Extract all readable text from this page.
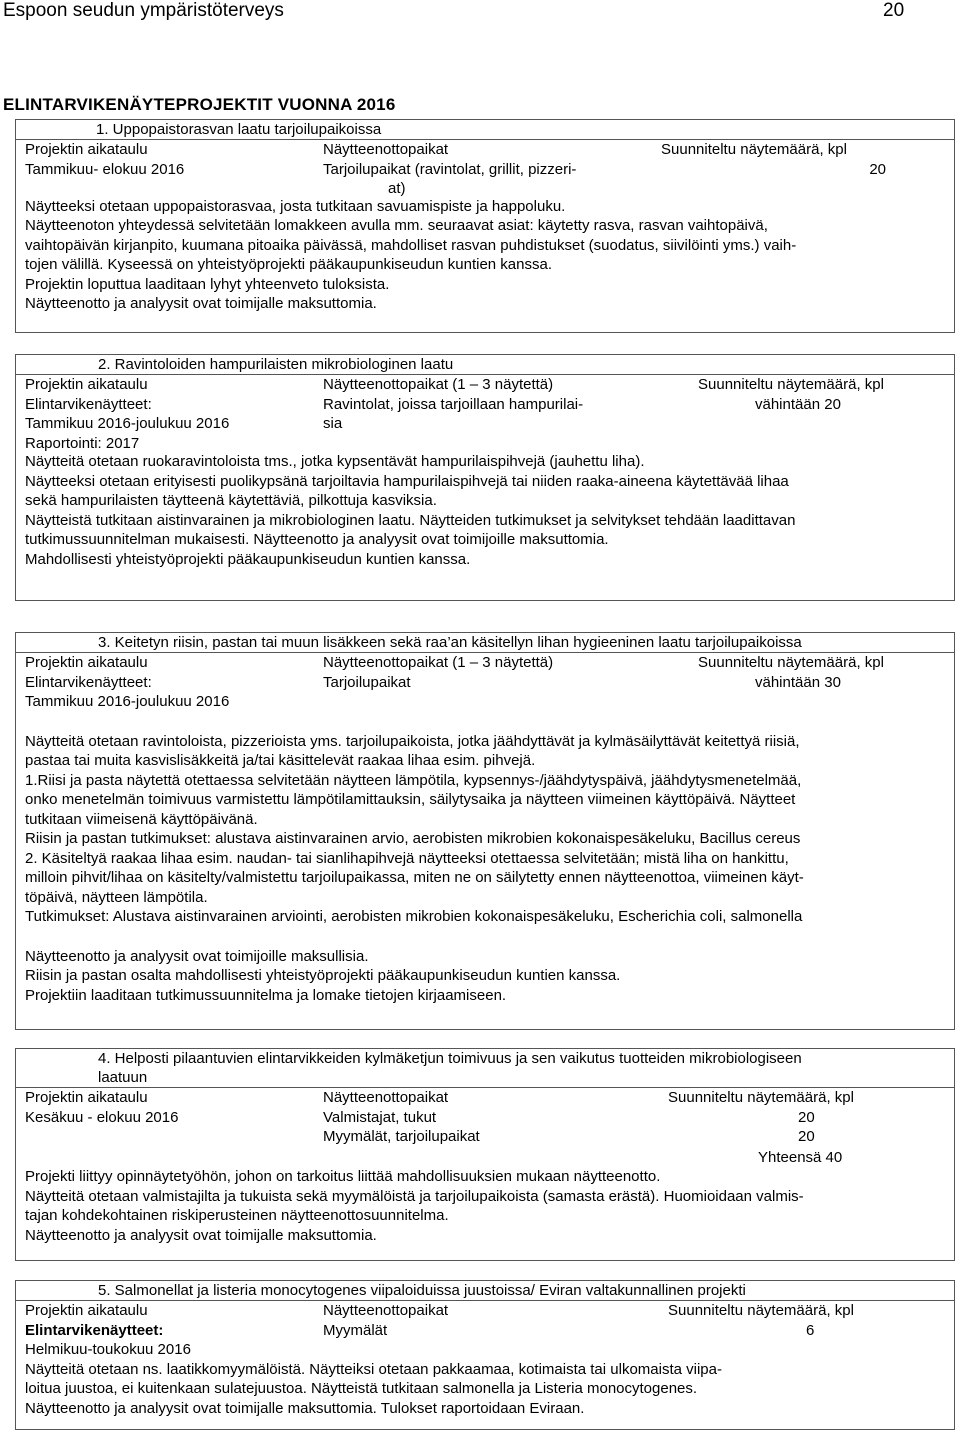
Espoon seudun ympäristöterveys	20
ELINTARVIKENÄYTEPROJEKTIT VUONNA 2016
1. Uppopaistorasvan laatu tarjoilupaikoissa
Projektin aikataulu	Näytteenottopaikat	Suunniteltu näytemäärä, kpl
Tammikuu- elokuu 2016	Tarjoilupaikat (ravintolat, grillit, pizzeri-	20
at)

Näytteeksi otetaan uppopaistorasvaa, josta tutkitaan savuamispiste ja happoluku.

Näytteenoton yhteydessä selvitetään lomakkeen avulla mm. seuraavat asiat: käytetty rasva, rasvan vaihtopäivä,

vaihtopäivän kirjanpito, kuumana pitoaika päivässä, mahdolliset rasvan puhdistukset (suodatus, siivilöinti yms.) vaih-

tojen välillä. Kyseessä on yhteistyöprojekti pääkaupunkiseudun kuntien kanssa.

Projektin loputtua laaditaan lyhyt yhteenveto tuloksista.

Näytteenotto ja analyysit ovat toimijalle maksuttomia.

2. Ravintoloiden hampurilaisten mikrobiologinen laatu
Projektin aikataulu	Näytteenottopaikat (1 – 3 näytettä)	Suunniteltu näytemäärä, kpl
Elintarvikenäytteet:	Ravintolat, joissa tarjoillaan hampurilai-	vähintään 20
Tammikuu 2016-joulukuu 2016	sia
Raportointi: 2017

Näytteitä otetaan ruokaravintoloista tms., jotka kypsentävät hampurilaispihvejä (jauhettu liha).

Näytteeksi otetaan erityisesti puolikypsänä tarjoiltavia hampurilaispihvejä tai niiden raaka-aineena käytettävää lihaa

sekä hampurilaisten täytteenä käytettäviä, pilkottuja kasviksia.

Näytteistä tutkitaan aistinvarainen ja mikrobiologinen laatu. Näytteiden tutkimukset ja selvitykset tehdään laadittavan

tutkimussuunnitelman mukaisesti. Näytteenotto ja analyysit ovat toimijoille maksuttomia.

Mahdollisesti yhteistyöprojekti pääkaupunkiseudun kuntien kanssa.

3. Keitetyn riisin, pastan tai muun lisäkkeen sekä raa’an käsitellyn lihan hygieeninen laatu tarjoilupaikoissa
Projektin aikataulu	Näytteenottopaikat (1 – 3 näytettä)	Suunniteltu näytemäärä, kpl
Elintarvikenäytteet:	Tarjoilupaikat	vähintään 30
Tammikuu 2016-joulukuu 2016

Näytteitä otetaan ravintoloista, pizzerioista yms. tarjoilupaikoista, jotka jäähdyttävät ja kylmäsäilyttävät keitettyä riisiä,

pastaa tai muita kasvislisäkkeitä ja/tai käsittelevät raakaa lihaa esim. pihvejä.

1.Riisi ja pasta näytettä otettaessa selvitetään näytteen lämpötila, kypsennys-/jäähdytyspäivä, jäähdytysmenetelmää,

onko menetelmän toimivuus varmistettu lämpötilamittauksin, säilytysaika ja näytteen viimeinen käyttöpäivä. Näytteet

tutkitaan viimeisenä käyttöpäivänä.

Riisin ja pastan tutkimukset: alustava aistinvarainen arvio, aerobisten mikrobien kokonaispesäkeluku, Bacillus cereus

2. Käsiteltyä raakaa lihaa esim. naudan- tai sianlihapihvejä näytteeksi otettaessa selvitetään; mistä liha on hankittu,

milloin pihvit/lihaa on käsitelty/valmistettu tarjoilupaikassa, miten ne on säilytetty ennen näytteenottoa, viimeinen käyt-

töpäivä, näytteen lämpötila.

Tutkimukset: Alustava aistinvarainen arviointi, aerobisten mikrobien kokonaispesäkeluku, Escherichia coli, salmonella

Näytteenotto ja analyysit ovat toimijoille maksullisia.

Riisin ja pastan osalta mahdollisesti yhteistyöprojekti pääkaupunkiseudun kuntien kanssa.

Projektiin laaditaan tutkimussuunnitelma ja lomake tietojen kirjaamiseen.

4. Helposti pilaantuvien elintarvikkeiden kylmäketjun toimivuus ja sen vaikutus tuotteiden mikrobiologiseen
laatuun
Projektin aikataulu	Näytteenottopaikat	Suunniteltu näytemäärä, kpl
Kesäkuu - elokuu 2016	Valmistajat, tukut	20
Myymälät, tarjoilupaikat	20
Yhteensä 40

Projekti liittyy opinnäytetyöhön, johon on tarkoitus liittää mahdollisuuksien mukaan näytteenotto.

Näytteitä otetaan valmistajilta ja tukuista sekä myymälöistä ja tarjoilupaikoista (samasta erästä). Huomioidaan valmis-

tajan kohdekohtainen riskiperusteinen näytteenottosuunnitelma.

Näytteenotto ja analyysit ovat toimijalle maksuttomia.

5. Salmonellat ja listeria monocytogenes viipaloiduissa juustoissa/ Eviran valtakunnallinen projekti
Projektin aikataulu	Näytteenottopaikat	Suunniteltu näytemäärä, kpl
Elintarvikenäytteet:	Myymälät	6
Helmikuu-toukokuu 2016

Näytteitä otetaan ns. laatikkomyymälöistä. Näytteiksi otetaan pakkaamaa, kotimaista tai ulkomaista viipa-

loitua juustoa, ei kuitenkaan sulatejuustoa. Näytteistä tutkitaan salmonella ja Listeria monocytogenes.

Näytteenotto ja analyysit ovat toimijalle maksuttomia. Tulokset raportoidaan Eviraan.
